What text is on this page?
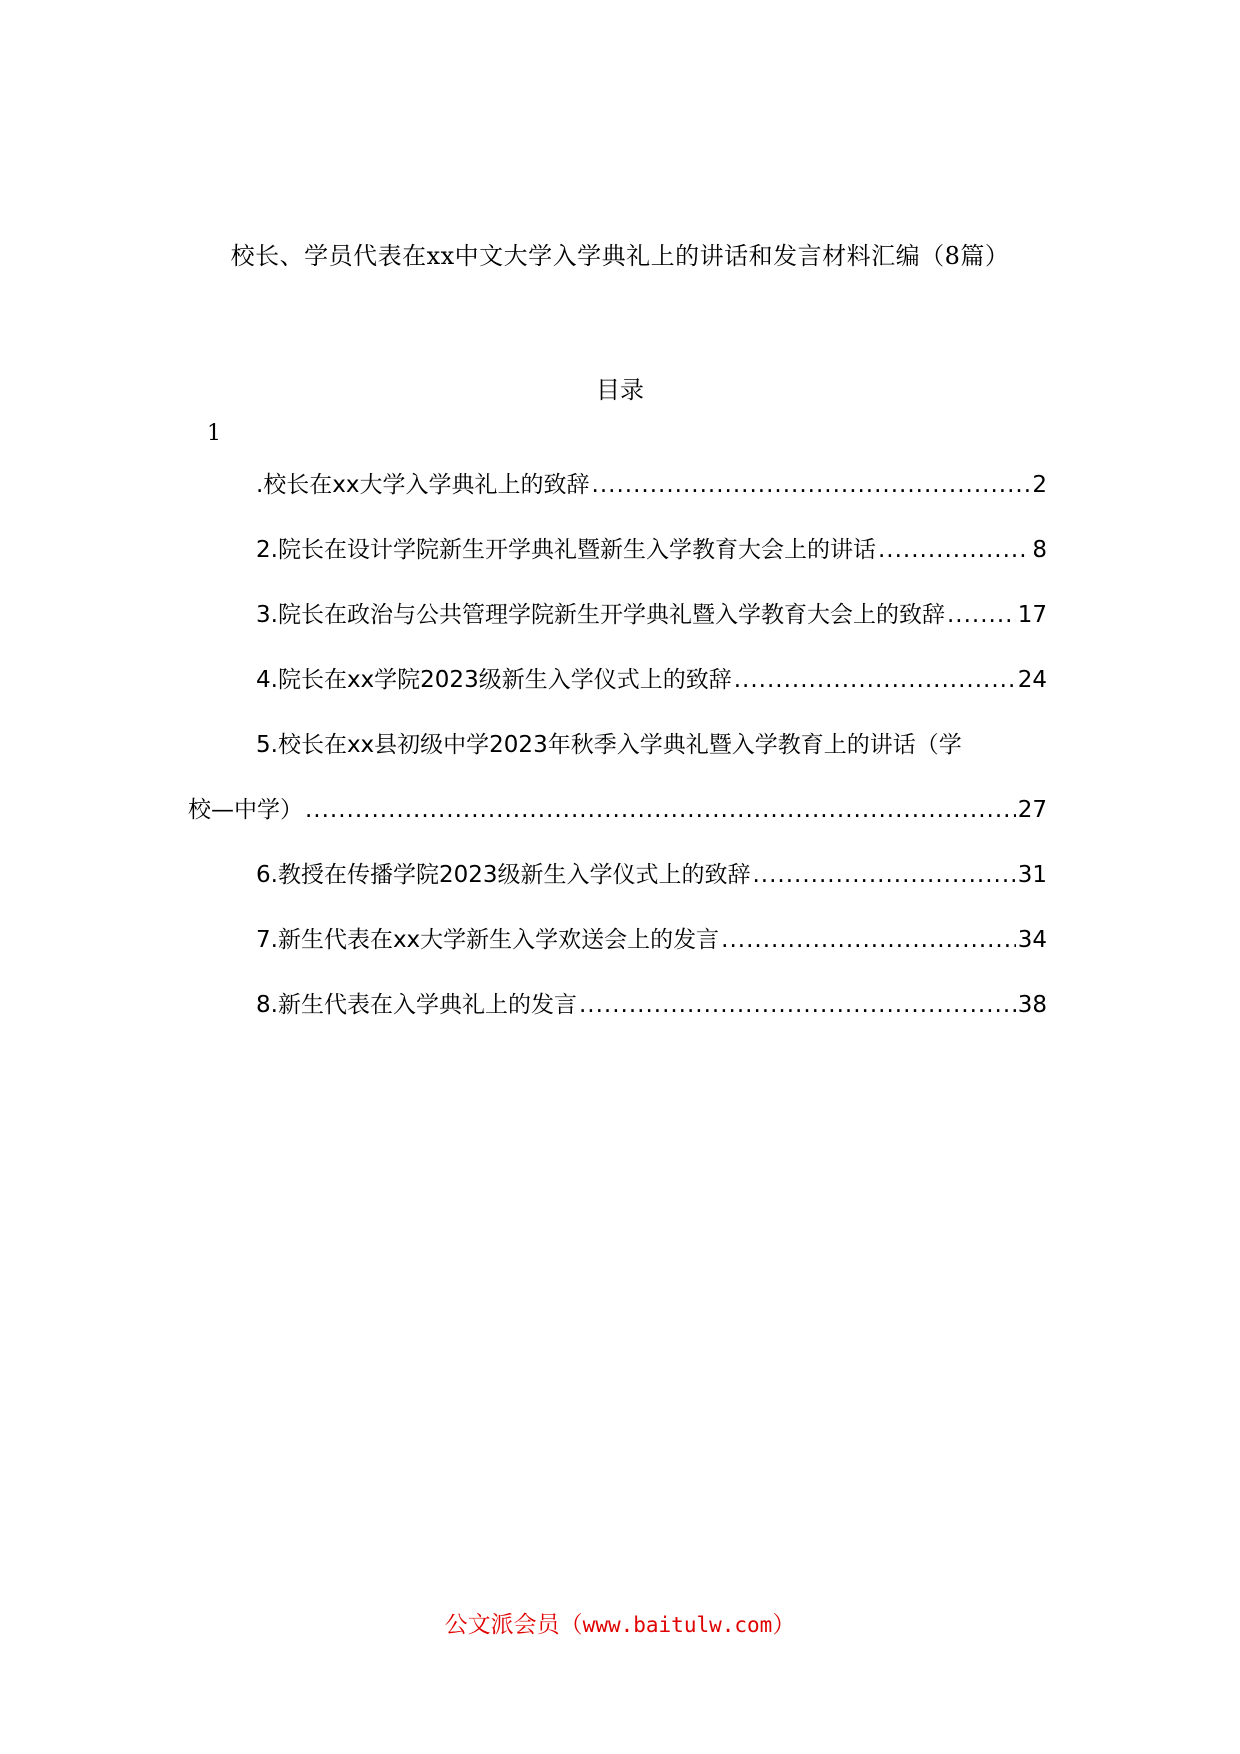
校长、学员代表在xx中文大学入学典礼上的讲话和发言材料汇编（8篇）
目录
1
.校长在xx大学入学典礼上的致辞 .....	2
2.院长在设计学院新生开学典礼暨新生入学教育大会上的讲话 .....	8
3.院长在政治与公共管理学院新生开学典礼暨入学教育大会上的致辞 .....	17
4.院长在xx学院2023级新生入学仪式上的致辞 .....	24
5.校长在xx县初级中学2023年秋季入学典礼暨入学教育上的讲话（学
校—中学） .....	27
6.教授在传播学院2023级新生入学仪式上的致辞 .....	31
7.新生代表在xx大学新生入学欢送会上的发言 .....	34
8.新生代表在入学典礼上的发言 .....	38
公文派会员（www.baitulw.com）
